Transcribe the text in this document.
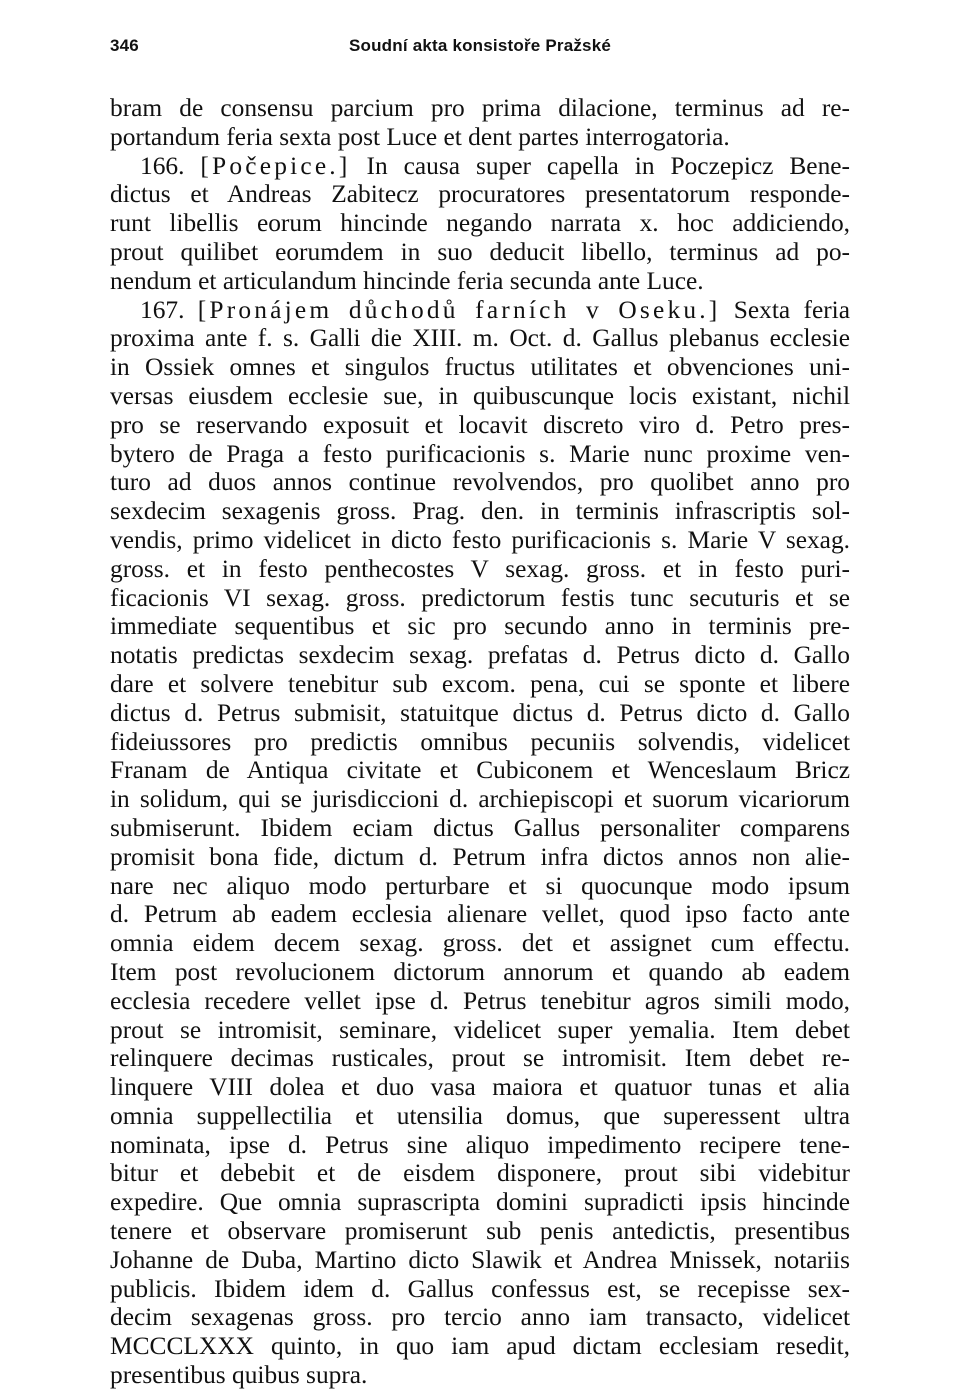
346	Soudní akta konsistoře Pražské
bram de consensu parcium pro prima dilacione, terminus ad re-
portandum feria sexta post Luce et dent partes interrogatoria.
166. [Počepice.] In causa super capella in Poczepicz Bene-
dictus et Andreas Zabitecz procuratores presentatorum responde-
runt libellis eorum hincinde negando narrata x. hoc addiciendo,
prout quilibet eorumdem in suo deducit libello, terminus ad po-
nendum et articulandum hincinde feria secunda ante Luce.
167. [Pronájem důchodů farních v Oseku.] Sexta feria
proxima ante f. s. Galli die XIII. m. Oct. d. Gallus plebanus ecclesie
in Ossiek omnes et singulos fructus utilitates et obvenciones uni-
versas eiusdem ecclesie sue, in quibuscunque locis existant, nichil
pro se reservando exposuit et locavit discreto viro d. Petro pres-
bytero de Praga a festo purificacionis s. Marie nunc proxime ven-
turo ad duos annos continue revolvendos, pro quolibet anno pro
sexdecim sexagenis gross. Prag. den. in terminis infrascriptis sol-
vendis, primo videlicet in dicto festo purificacionis s. Marie V sexag.
gross. et in festo penthecostes V sexag. gross. et in festo puri-
ficacionis VI sexag. gross. predictorum festis tunc secuturis et se
immediate sequentibus et sic pro secundo anno in terminis pre-
notatis predictas sexdecim sexag. prefatas d. Petrus dicto d. Gallo
dare et solvere tenebitur sub excom. pena, cui se sponte et libere
dictus d. Petrus submisit, statuitque dictus d. Petrus dicto d. Gallo
fideiussores pro predictis omnibus pecuniis solvendis, videlicet
Franam de Antiqua civitate et Cubiconem et Wenceslaum Bricz
in solidum, qui se jurisdiccioni d. archiepiscopi et suorum vicariorum
submiserunt. Ibidem eciam dictus Gallus personaliter comparens
promisit bona fide, dictum d. Petrum infra dictos annos non alie-
nare nec aliquo modo perturbare et si quocunque modo ipsum
d. Petrum ab eadem ecclesia alienare vellet, quod ipso facto ante
omnia eidem decem sexag. gross. det et assignet cum effectu.
Item post revolucionem dictorum annorum et quando ab eadem
ecclesia recedere vellet ipse d. Petrus tenebitur agros simili modo,
prout se intromisit, seminare, videlicet super yemalia. Item debet
relinquere decimas rusticales, prout se intromisit. Item debet re-
linquere VIII dolea et duo vasa maiora et quatuor tunas et alia
omnia suppellectilia et utensilia domus, que superessent ultra
nominata, ipse d. Petrus sine aliquo impedimento recipere tene-
bitur et debebit et de eisdem disponere, prout sibi videbitur
expedire. Que omnia suprascripta domini supradicti ipsis hincinde
tenere et observare promiserunt sub penis antedictis, presentibus
Johanne de Duba, Martino dicto Slawik et Andrea Mnissek, notariis
publicis. Ibidem idem d. Gallus confessus est, se recepisse sex-
decim sexagenas gross. pro tercio anno iam transacto, videlicet
MCCCLXXX quinto, in quo iam apud dictam ecclesiam resedit,
presentibus quibus supra.
